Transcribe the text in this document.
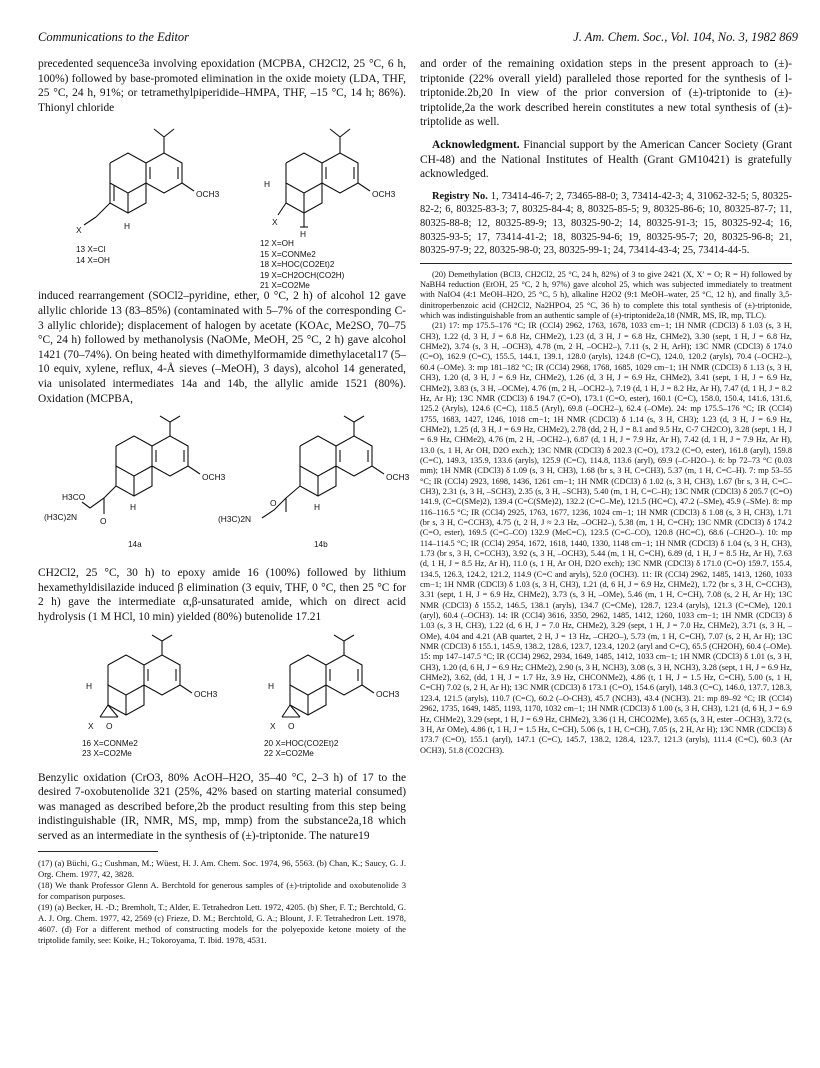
Communications to the Editor	J. Am. Chem. Soc., Vol. 104, No. 3, 1982 869

precedented sequence3a involving epoxidation (MCPBA, CH2Cl2, 25 °C, 6 h, 100%) followed by base-promoted elimination in the oxide moiety (LDA, THF, 25 °C, 24 h, 91%; or tetramethylpiperidide–HMPA, THF, –15 °C, 14 h; 86%). Thionyl chloride

OCH3
H
X
OCH3
H
X
H
13 X=Cl
14 X=OH
12 X=OH
15 X=CONMe2
18 X=HOC(CO2Et)2
19 X=CH2OCH(CO2H)
21 X=CO2Me

induced rearrangement (SOCl2–pyridine, ether, 0 °C, 2 h) of alcohol 12 gave allylic chloride 13 (83–85%) (contaminated with 5–7% of the corresponding C-3 allylic chloride); displacement of halogen by acetate (KOAc, Me2SO, 70–75 °C, 24 h) followed by methanolysis (NaOMe, MeOH, 25 °C, 2 h) gave alcohol 1421 (70–74%). On being heated with dimethylformamide dimethylacetal17 (5–10 equiv, xylene, reflux, 4-Å sieves (–MeOH), 3 days), alcohol 14 generated, via unisolated intermediates 14a and 14b, the allylic amide 1521 (80%). Oxidation (MCPBA,

OCH3
H3CO
(H3C)2N	O
H
OCH3
(H3C)2N
O	H
14a	14b

CH2Cl2, 25 °C, 30 h) to epoxy amide 16 (100%) followed by lithium hexamethyldisilazide induced β elimination (3 equiv, THF, 0 °C, then 25 °C for 2 h) gave the intermediate α,β-unsaturated amide, which on direct acid hydrolysis (1 M HCl, 10 min) yielded (80%) butenolide 17.21

OCH3
H
X O
OCH3
H
X O
16 X=CONMe2
23 X=CO2Me
20 X=HOC(CO2Et)2
22 X=CO2Me

Benzylic oxidation (CrO3, 80% AcOH–H2O, 35–40 °C, 2–3 h) of 17 to the desired 7-oxobutenolide 321 (25%, 42% based on starting material consumed) was managed as described before,2b the product resulting from this step being indistinguishable (IR, NMR, MS, mp, mmp) from the substance2a,18 which served as an intermediate in the synthesis of (±)-triptonide. The nature19

(17) (a) Büchi, G.; Cushman, M.; Wüest, H. J. Am. Chem. Soc. 1974, 96, 5563. (b) Chan, K.; Saucy, G. J. Org. Chem. 1977, 42, 3828.

(18) We thank Professor Glenn A. Berchtold for generous samples of (±)-triptolide and oxobutenolide 3 for comparison purposes.

(19) (a) Becker, H. -D.; Bremholt, T.; Alder, E. Tetrahedron Lett. 1972, 4205. (b) Sher, F. T.; Berchtold, G. A. J. Org. Chem. 1977, 42, 2569 (c) Frieze, D. M.; Berchtold, G. A.; Blount, J. F. Tetrahedron Lett. 1978, 4607. (d) For a different method of constructing models for the polyepoxide ketone moiety of the triptolide family, see: Koike, H.; Tokoroyama, T. Ibid. 1978, 4531.

and order of the remaining oxidation steps in the present approach to (±)-triptonide (22% overall yield) paralleled those reported for the synthesis of l-triptonide.2b,20 In view of the prior conversion of (±)-triptonide to (±)-triptolide,2a the work described herein constitutes a new total synthesis of (±)-triptolide as well.

Acknowledgment. Financial support by the American Cancer Society (Grant CH-48) and the National Institutes of Health (Grant GM10421) is gratefully acknowledged.

Registry No. 1, 73414-46-7; 2, 73465-88-0; 3, 73414-42-3; 4, 31062-32-5; 5, 80325-82-2; 6, 80325-83-3; 7, 80325-84-4; 8, 80325-85-5; 9, 80325-86-6; 10, 80325-87-7; 11, 80325-88-8; 12, 80325-89-9; 13, 80325-90-2; 14, 80325-91-3; 15, 80325-92-4; 16, 80325-93-5; 17, 73414-41-2; 18, 80325-94-6; 19, 80325-95-7; 20, 80325-96-8; 21, 80325-97-9; 22, 80325-98-0; 23, 80325-99-1; 24, 73414-43-4; 25, 73414-44-5.

(20) Demethylation (BCl3, CH2Cl2, 25 °C, 24 h, 82%) of 3 to give 2421 (X, X′ = O; R = H) followed by NaBH4 reduction (EtOH, 25 °C, 2 h, 97%) gave alcohol 25, which was subjected immediately to treatment with NaIO4 (4:1 MeOH–H2O, 25 °C, 5 h), alkaline H2O2 (9:1 MeOH–water, 25 °C, 12 h), and finally 3,5-dinitroperbenzoic acid (CH2Cl2, Na2HPO4, 25 °C, 36 h) to complete this total synthesis of (±)-triptonide, which was indistinguishable from an authentic sample of (±)-triptonide2a,18 (NMR, MS, IR, mp, TLC).

(21) 17: mp 175.5–176 °C; IR (CCl4) 2962, 1763, 1678, 1033 cm−1; 1H NMR (CDCl3) δ 1.03 (s, 3 H, CH3), 1.22 (d, 3 H, J = 6.8 Hz, CHMe2), 1.23 (d, 3 H, J = 6.8 Hz, CHMe2), 3.30 (sept, 1 H, J = 6.8 Hz, CHMe2), 3.74 (s, 3 H, –OCH3), 4.78 (m, 2 H, –OCH2–), 7.11 (s, 2 H, ArH); 13C NMR (CDCl3) δ 174.0 (C=O), 162.9 (C=C), 155.5, 144.1, 139.1, 128.0 (aryls), 124.8 (C=C), 124.0, 120.2 (aryls), 70.4 (–OCH2–), 60.4 (–OMe). 3: mp 181–182 °C; IR (CCl4) 2968, 1768, 1685, 1029 cm−1; 1H NMR (CDCl3) δ 1.13 (s, 3 H, CH3), 1.20 (d, 3 H, J = 6.9 Hz, CHMe2), 1.26 (d, 3 H, J = 6.9 Hz, CHMe2), 3.41 (sept, 1 H, J = 6.9 Hz, CHMe2), 3.83 (s, 3 H, –OCMe), 4.76 (m, 2 H, –OCH2–), 7.19 (d, 1 H, J = 8.2 Hz, Ar H), 7.47 (d, 1 H, J = 8.2 Hz, Ar H); 13C NMR (CDCl3) δ 194.7 (C=O), 173.1 (C=O, ester), 160.1 (C=C), 158.0, 150.4, 141.6, 131.6, 125.2 (Aryls), 124.6 (C=C), 118.5 (Aryl), 69.8 (–OCH2–), 62.4 (–OMe). 24: mp 175.5–176 °C; IR (CCl4) 1755, 1683, 1427, 1246, 1018 cm−1; 1H NMR (CDCl3) δ 1.14 (s, 3 H, CH3); 1.23 (d, 3 H, J = 6.9 Hz, CHMe2), 1.25 (d, 3 H, J = 6.9 Hz, CHMe2), 2.78 (dd, 2 H, J = 8.1 and 9.5 Hz, C-7 CH2CO), 3.28 (sept, 1 H, J = 6.9 Hz, CHMe2), 4.76 (m, 2 H, –OCH2–), 6.87 (d, 1 H, J = 7.9 Hz, Ar H), 7.42 (d, 1 H, J = 7.9 Hz, Ar H), 13.0 (s, 1 H, Ar OH, D2O exch.); 13C NMR (CDCl3) δ 202.3 (C=O), 173.2 (C=O, ester), 161.8 (aryl), 159.8 (C=C), 149.3, 135.9, 133.6 (aryls), 125.9 (C=C), 114.8, 113.6 (aryl), 69.9 (–C-H2O–). 6: bp 72–73 °C (0.03 mm); 1H NMR (CDCl3) δ 1.09 (s, 3 H, CH3), 1.68 (br s, 3 H, C=CH3), 5.37 (m, 1 H, C=C–H). 7: mp 53–55 °C; IR (CCl4) 2923, 1698, 1436, 1261 cm−1; 1H NMR (CDCl3) δ 1.02 (s, 3 H, CH3), 1.67 (br s, 3 H, C=C–CH3), 2.31 (s, 3 H, –SCH3), 2.35 (s, 3 H, –SCH3), 5.40 (m, 1 H, C=C–H); 13C NMR (CDCl3) δ 205.7 (C=O) 141.9, (C=C(SMe)2), 139.4 (C=C(SMe)2), 132.2 (C=C–Me), 121.5 (HC=C), 47.2 (–SMe), 45.9 (–SMe). 8: mp 116–116.5 °C; IR (CCl4) 2925, 1763, 1677, 1236, 1024 cm−1; 1H NMR (CDCl3) δ 1.08 (s, 3 H, CH3), 1.71 (br s, 3 H, C=CCH3), 4.75 (t, 2 H, J ≈ 2.3 Hz, –OCH2–), 5.38 (m, 1 H, C=CH); 13C NMR (CDCl3) δ 174.2 (C=O, ester), 169.5 (C=C–CO) 132.9 (MeC=C), 123.5 (C=C–CO), 120.8 (HC=C), 68.6 (–CH2O–). 10: mp 114–114.5 °C; IR (CCl4) 2954, 1672, 1618, 1440, 1330, 1148 cm−1; 1H NMR (CDCl3) δ 1.04 (s, 3 H, CH3), 1.73 (br s, 3 H, C=CCH3), 3.92 (s, 3 H, –OCH3), 5.44 (m, 1 H, C=CH), 6.89 (d, 1 H, J = 8.5 Hz, Ar H), 7.63 (d, 1 H, J = 8.5 Hz, Ar H), 11.0 (s, 1 H, Ar OH, D2O exch); 13C NMR (CDCl3) δ 171.0 (C=O) 159.7, 155.4, 134.5, 126.3, 124.2, 121.2, 114.9 (C=C and aryls), 52.0 (OCH3). 11: IR (CCl4) 2962, 1485, 1413, 1260, 1033 cm−1; 1H NMR (CDCl3) δ 1.03 (s, 3 H, CH3), 1.21 (d, 6 H, J = 6.9 Hz, CHMe2), 1.72 (br s, 3 H, C=CCH3), 3.31 (sept, 1 H, J = 6.9 Hz, CHMe2), 3.73 (s, 3 H, –OMe), 5.46 (m, 1 H, C=CH), 7.08 (s, 2 H, Ar H); 13C NMR (CDCl3) δ 155.2, 146.5, 138.1 (aryls), 134.7 (C=CMe), 128.7, 123.4 (aryls), 121.3 (C=CMe), 120.1 (aryl), 60.4 (–OCH3). 14: IR (CCl4) 3616, 3350, 2962, 1485, 1412, 1260, 1033 cm−1; 1H NMR (CDCl3) δ 1.03 (s, 3 H, CH3), 1.22 (d, 6 H, J = 7.0 Hz, CHMe2), 3.29 (sept, 1 H, J = 7.0 Hz, CHMe2), 3.71 (s, 3 H, –OMe), 4.04 and 4.21 (AB quartet, 2 H, J = 13 Hz, –CH2O–), 5.73 (m, 1 H, C=CH), 7.07 (s, 2 H, Ar H); 13C NMR (CDCl3) δ 155.1, 145.9, 138.2, 128.6, 123.7, 123.4, 120.2 (aryl and C=C), 65.5 (CH2OH), 60.4 (–OMe). 15: mp 147–147.5 °C; IR (CCl4) 2962, 2934, 1649, 1485, 1412, 1033 cm−1; 1H NMR (CDCl3) δ 1.01 (s, 3 H, CH3), 1.20 (d, 6 H, J = 6.9 Hz; CHMe2), 2.90 (s, 3 H, NCH3), 3.08 (s, 3 H, NCH3), 3.28 (sept, 1 H, J = 6.9 Hz, CHMe2), 3.62, (dd, 1 H, J = 1.7 Hz, 3.9 Hz, CHCONMe2), 4.86 (t, 1 H, J = 1.5 Hz, C=CH), 5.00 (s, 1 H, C=CH) 7.02 (s, 2 H, Ar H); 13C NMR (CDCl3) δ 173.1 (C=O), 154.6 (aryl), 148.3 (C=C), 146.0, 137.7, 128.3, 123.4, 121.5 (aryls), 110.7 (C=C), 60.2 (–O-CH3), 45.7 (NCH3), 43.4 (NCH3). 21: mp 89–92 °C; IR (CCl4) 2962, 1735, 1649, 1485, 1193, 1170, 1032 cm−1; 1H NMR (CDCl3) δ 1.00 (s, 3 H, CH3), 1.21 (d, 6 H, J = 6.9 Hz, CHMe2), 3.29 (sept, 1 H, J = 6.9 Hz, CHMe2), 3.36 (1 H, CHCO2Me), 3.65 (s, 3 H, ester –OCH3), 3.72 (s, 3 H, Ar OMe), 4.86 (t, 1 H, J = 1.5 Hz, C=CH), 5.06 (s, 1 H, C=CH), 7.05 (s, 2 H, Ar H); 13C NMR (CDCl3) δ 173.7 (C=O), 155.1 (aryl), 147.1 (C=C), 145.7, 138.2, 128.4, 123.7, 121.3 (aryls), 111.4 (C=C), 60.3 (Ar OCH3), 51.8 (CO2CH3).
